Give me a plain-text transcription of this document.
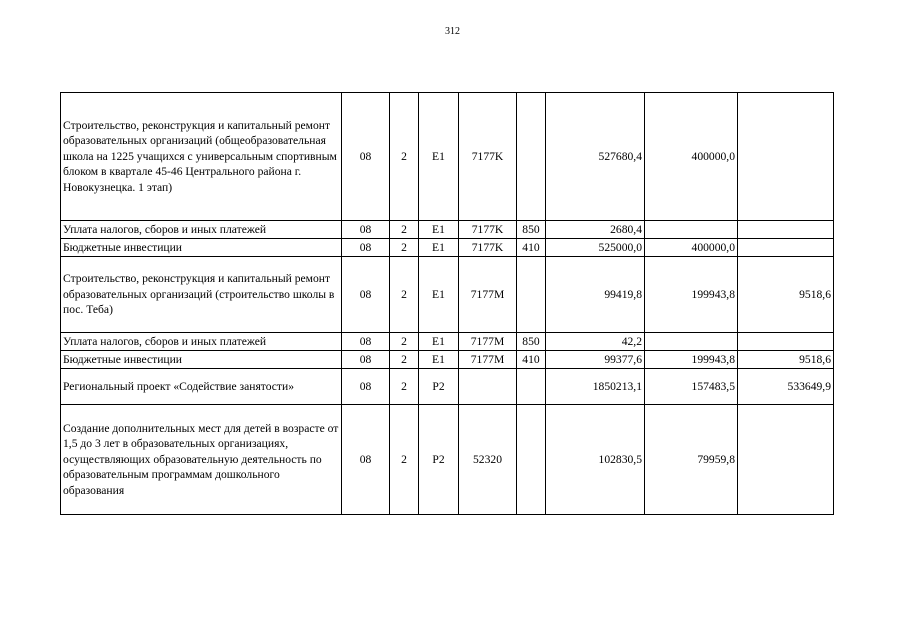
312
Строительство, реконструкция и капитальный ремонт образовательных организаций (общеобразовательная школа на 1225 учащихся с универсальным спортивным блоком в квартале 45-46 Центрального района г. Новокузнецка. 1 этап)	08	2	E1	7177K		527680,4	400000,0	
Уплата налогов, сборов и иных платежей	08	2	E1	7177K	850	2680,4		
Бюджетные инвестиции	08	2	E1	7177K	410	525000,0	400000,0	
Строительство, реконструкция и капитальный ремонт образовательных организаций (строительство школы в пос. Теба)	08	2	E1	7177M		99419,8	199943,8	9518,6
Уплата налогов, сборов и иных платежей	08	2	E1	7177M	850	42,2		
Бюджетные инвестиции	08	2	E1	7177M	410	99377,6	199943,8	9518,6
Региональный проект «Содействие занятости»	08	2	P2			1850213,1	157483,5	533649,9
Создание дополнительных мест для детей в возрасте от 1,5 до 3 лет в образовательных организациях, осуществляющих образовательную деятельность по образовательным программам дошкольного образования	08	2	P2	52320		102830,5	79959,8	
